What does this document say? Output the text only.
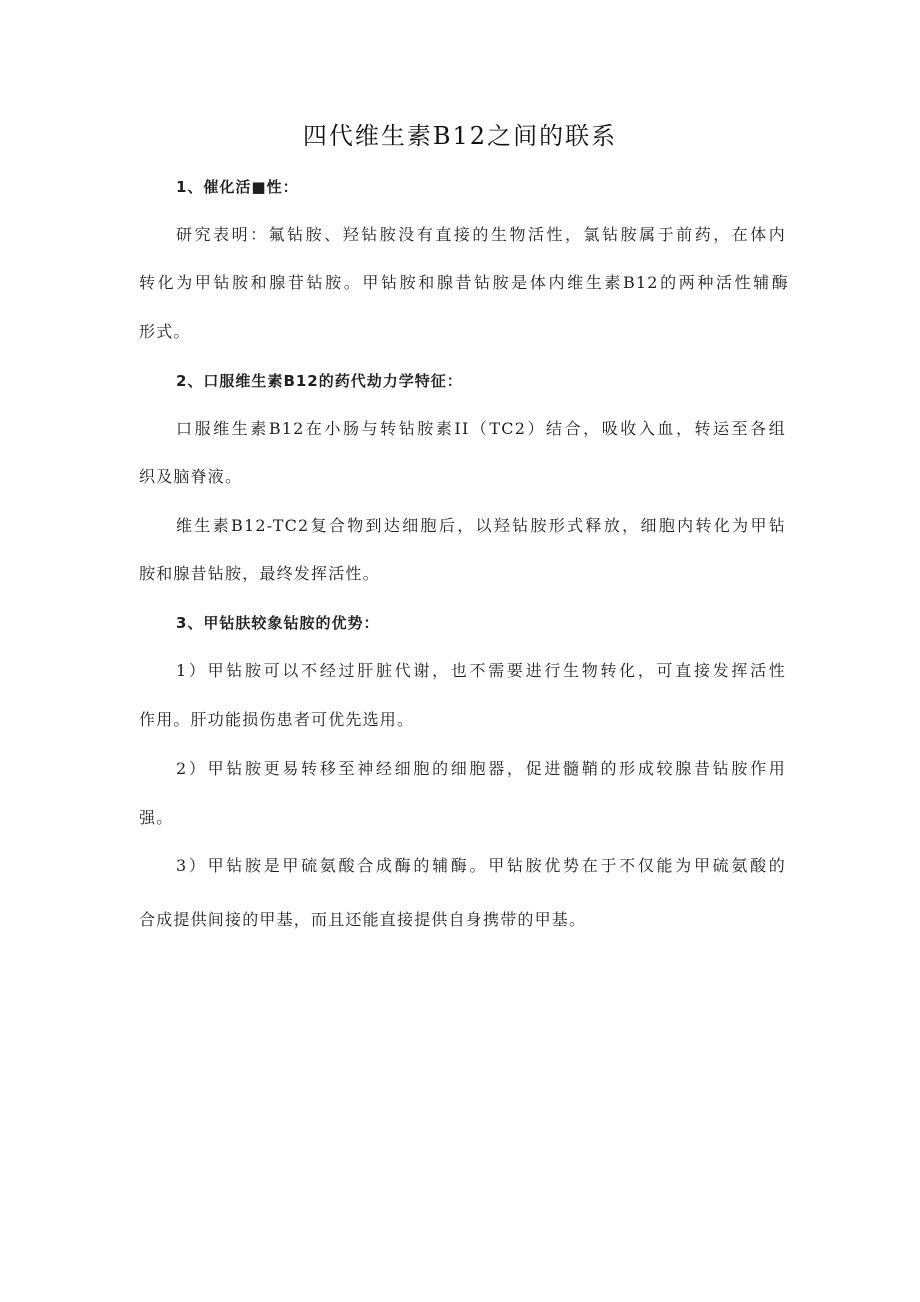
四代维生素B12之间的联系
1、催化活■性：
研究表明：氟钻胺、羟钻胺没有直接的生物活性，氯钻胺属于前药，在体内
转化为甲钻胺和腺苷钻胺。甲钻胺和腺昔钻胺是体内维生素B12的两种活性辅酶
形式。
2、口服维生素B12的药代劫力学特征：
口服维生素B12在小肠与转钻胺素II（TC2）结合，吸收入血，转运至各组
织及脑脊液。
维生素B12-TC2复合物到达细胞后，以羟钻胺形式释放，细胞内转化为甲钻
胺和腺昔钻胺，最终发挥活性。
3、甲钻肤较象钻胺的优势：
1）甲钻胺可以不经过肝脏代谢，也不需要进行生物转化，可直接发挥活性
作用。肝功能损伤患者可优先选用。
2）甲钻胺更易转移至神经细胞的细胞器，促进髓鞘的形成较腺昔钻胺作用
强。
3）甲钻胺是甲硫氨酸合成酶的辅酶。甲钻胺优势在于不仅能为甲硫氨酸的
合成提供间接的甲基，而且还能直接提供自身携带的甲基。
